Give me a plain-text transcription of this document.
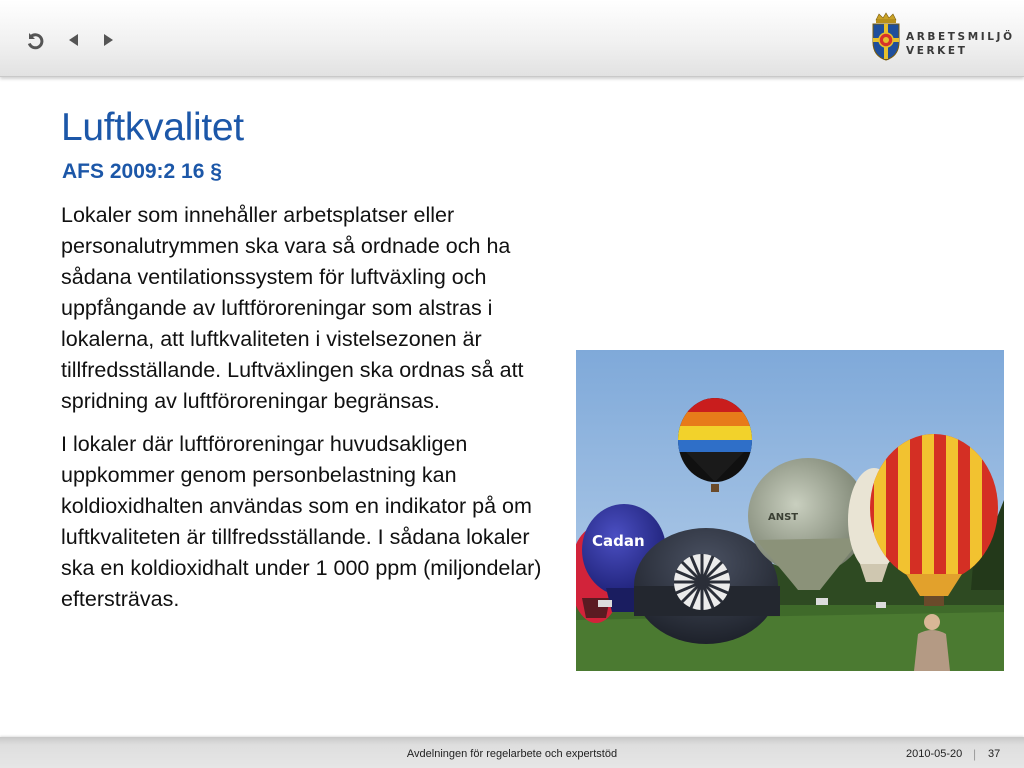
ARBETSMILJÖ
VERKET
Luftkvalitet
AFS 2009:2 16 §

Lokaler som innehåller arbetsplatser eller personalutrymmen ska vara så ordnade och ha sådana ventilationssystem för luftväxling och uppfångande av luftföroreningar som alstras i lokalerna, att luftkvaliteten i vistelsezonen är tillfredsställande. Luftväxlingen ska ordnas så att spridning av luftföroreningar begränsas.

I lokaler där luftföroreningar huvudsakligen uppkommer genom personbelastning kan koldioxidhalten användas som en indikator på om luftkvaliteten är tillfredsställande. I sådana lokaler ska en koldioxidhalt under 1 000 ppm (miljondelar) eftersträvas.

Cadan
ANST
Avdelningen för regelarbete och expertstöd	2010-05-20 | 37
